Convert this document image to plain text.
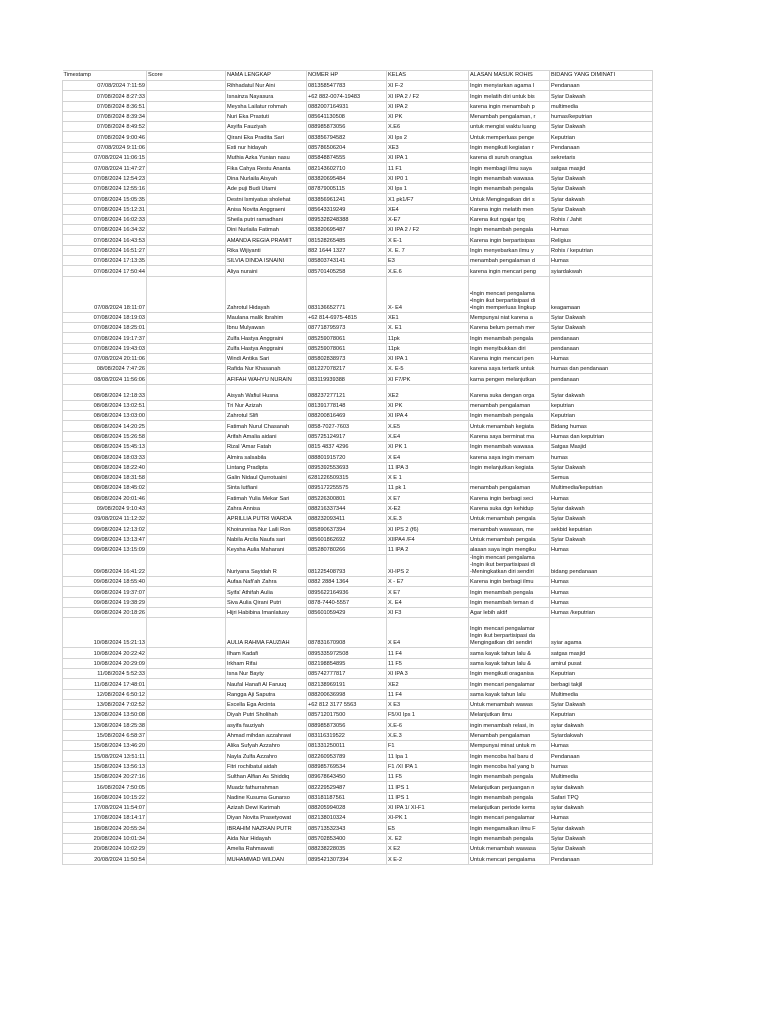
Timestamp	Score	NAMA LENGKAP	NOMER HP	KELAS	ALASAN MASUK ROHIS	BIDANG YANG DIMINATI
07/08/2024 7:11:59		Rihhadatul Nur Aini	081358547783	XI F-2	Ingin menyiarkan agama I	Pendanaan
07/08/2024 8:27:33		Isnainza Nayasura	+62 882-0074-19483	XI IPA 2 / F2	Ingin melatih diri untuk bis	Syiar Dakwah
07/08/2024 8:36:51		Meysha Lailatur rohmah	0882007164931	XI IPA 2	karena ingin menambah p	multimedia
07/08/2024 8:39:34		Nuri Eka Prastuti	085641130508	XI PK	Menambah pengalaman, r	humas/keputrian
07/08/2024 8:49:52		Asyifa Fauziyah	088985873056	X.E6	untuk mengisi waktu luang	Syiar Dakwah
07/08/2024 9:00:46		Qirani Eka Pradita Sari	083856794582	XI Ips 2	Untuk memperluas penge	Keputrian
07/08/2024 9:11:06		Esti nur hidayah	085786506204	XE3	Ingin mengikuti kegiatan r	Pendanaan
07/08/2024 11:06:15		Muthia Azka Yunian nasu	085848874555	XI IPA 1	karena di suruh orangtua	sekretaris
07/08/2024 11:47:27		Fika Cahya Restu Ananta	082143602710	11 F1	Ingin membagi ilmu saya	satgas masjid
07/08/2024 12:54:23		Dina Nurlaila Aisyah	083820695484	XI IP0 1	Ingin menambah wawasa	Syiar Dakwah
07/08/2024 12:55:16		Ade puji Budi Utami	087879005115	XI Ips 1	Ingin menambah pengala	Syiar Dakwah
07/08/2024 15:05:35		Destni lsmiyatus sholehat	083856961241	X1 pk1/F7	Untuk Mengingatkan diri s	Syiar dakwah
07/08/2024 15:12:31		Anisa Novita Anggraeni	085643319249	XE4	Karena ingin melatih men	Syiar Dakwah
07/08/2024 16:02:33		Sheila putri ramadhani	0895328248388	X-E7	Karena ikut ngajar tpq	Rohis / Jahit
07/08/2024 16:34:32		Dini Nurlaila Fatimah	083820695487	XI IPA 2 / F2	Ingin menambah pengala	Humas
07/08/2024 16:43:53		AMANDA REGIA PRAMIT	081528265485	X E-1	Karena ingin berpartisipas	Religius
07/08/2024 16:51:27		Rika Wijiyanti	882 1644 1327	X. E. 7	Ingin menyebarkan ilmu y	Rohis / keputrian
07/08/2024 17:13:35		SILVIA DINDA ISNAINI	085803743141	E3	menambah pengalaman d	Humas
07/08/2024 17:50:44		Aliya nuraini	085701405258	X.E.6	karena ingin mencari peng	syiardakwah
07/08/2024 18:11:07		Zahrotul Hidayah	083136652771	X- E4	•Ingin mencari pengalama
•Ingin ikut berpartisipasi di
•Ingin memperluas lingkup	keagamaan
07/08/2024 18:19:03		Maulana malik Ibrahim	+62 814-6975-4815	XE1	Mempunyai niat karena a	Syiar Dakwah
07/08/2024 18:25:01		Ibnu Mulyawan	087718795973	X. E1	Karena belum pernah mer	Syiar Dakwah
07/08/2024 19:17:37		Zulfa Hastya Anggraini	085259078061	11pk	Ingin menambah pengala	pendanaan
07/08/2024 19:43:03		Zulfa Hastya Anggraini	085259078061	11pk	Ingin menyibukkan diri	pendanaan
07/08/2024 20:11:06		Windi Antika Sari	085802838973	XI IPA 1	Karena ingin mencari pen	Humas
08/08/2024 7:47:26		Rafida Nur Khasanah	081227078217	X. E-5	karena saya tertarik untuk	humas dan pendanaan
08/08/2024 11:56:06		AFIFAH WAHYU NURAIN	083119939388	XI F7/PK	karna pengen melanjutkan	pendanaan
08/08/2024 12:18:33		Aisyah Wafiul Husna	088237277121	XE2	Karena suka dengan orga	Syiar dakwah
08/08/2024 13:02:51		Tri Nur Azizah	081391778148	XI PK	menambah pengalaman	keputrian
08/08/2024 13:03:00		Zahrotul Slifi	088200816469	XI IPA 4	Ingin menambah pengala	Keputrian
08/08/2024 14:20:25		Fatimah Nurul Chasanah	0858-7027-7603	X.E5	Untuk menambah kegiata	Bidang humas
08/08/2024 15:26:58		Arifah Amalia aidani	085725124917	X.E4	Karena saya berminat ma	Humas dan keputrian
08/08/2024 15:45:13		Rizal 'Amar Fatah	0815 4837 4296	XI PK 1	Ingin menambah wawasa	Satgas Masjid
08/08/2024 18:03:33		Almira salsabila	088801915720	X E4	karena saya ingin menam	humas
08/08/2024 18:22:40		Lintang Pradipta	0895392553693	11 IPA 3	Ingin melanjutkan kegiata	Syiar Dakwah
08/08/2024 18:31:58		Galin Nidaul Qurrotuaini	6281226509315	X E 1		Semua
08/08/2024 18:45:02		Sinta lutfiani	0895172255575	11 pk 1	menambah pengalaman	Multimedia/keputrian
08/08/2024 20:01:46		Fatimah Yulia Mekar Sari	085226300801	X E7	Karena ingin berbagi seci	Humas
09/08/2024 9:10:43		Zahra Annisa	088216337344	X-E2	Karena suka dgn kehidup	Syiar dakwah
09/08/2024 11:12:32		APRILLIA PUTRI WARDA	088232093411	X.E.3	Untuk menambah pengala	Syiar Dakwah
09/08/2024 12:13:02		Khoirunnisa Nur Laili Ron	085890637394	XI IPS 2 (f6)	menambah wawasan, me	sekbid keputrian
09/08/2024 13:13:47		Nabila Arcila Naufa sari	085601862692	XIIPA4 /F4	Untuk menambah pengala	Syiar Dakwah
09/08/2024 13:15:09		Keysha Aulia Maharani	085280780266	11 IPA 2	alasan saya ingin mengiku	Humas
09/08/2024 16:41:22		Nuriyana Sayidah R	081225408793	XI-IPS 2	-Ingin mencari pengalama
-Ingin ikut berpartisipasi di
-Meningkatkan diri sendiri	bidang pendanaan
09/08/2024 18:55:40		Aufaa Nafi'ah Zahra	0882 2884 1364	X - E7	Karena ingin berbagi ilmu	Humas
09/08/2024 19:37:07		Syifa' Athifah Aulia	0895622164936	X E7	Ingin menambah pengala	Humas
09/08/2024 19:38:29		Siva Aulia Qirani Putri	0878-7440-5557	X. E4	Ingin menambah teman d	Humas
09/08/2024 20:18:26		Hijri Habibina Imanlatusy	085601059429	XI F3	Agar lebih aktif	Humas /keputrian
10/08/2024 15:21:13		AULIA RAHMA FAUZIAH	087831670908	X E4	Ingin mencari pengalamar
Ingin ikut berpartisipasi da
Mengingatkan diri sendiri	syiar agama
10/08/2024 20:22:42		Ilham Kadafi	0895335972508	11 F4	sama kayak tahun lalu &	satgas masjid
10/08/2024 20:29:09		Irkham Rifai	082198854895	11 F5	sama kayak tahun lalu &	amirul pusat
11/08/2024 5:52:33		Isna Nur Bayty	085742777817	XI IPA 3	Ingin mengikuti oraganisa	Keputrian
11/08/2024 17:48:01		Naufal Hanafi Al Faruuq	082138969191	XE2	Ingin mencari pengalamar	berbagi takjil
12/08/2024 6:50:12		Rangga Aji Saputra	088200636998	11 F4	sama kayak tahun lalu	Multimedia
13/08/2024 7:02:52		Excella Ega Arcinta	+62 812 3177 5563	X E3	Untuk menambah wawas	Syiar Dakwah
13/08/2024 13:50:08		Diyah Putri Sholihah	085712017500	F5/XI Ips 1	Melanjutkan ilmu	Keputrian
13/08/2024 18:25:38		asyifa fauziyah	088985873056	X.E-6	ingin menambah relasi, in	syiar dakwah
15/08/2024 6:58:37		Ahmad mihdan azzahrawi	083116319522	X.E.3	Menambah pengalaman	Syiardakwah
15/08/2024 13:46:20		Alika Sufyah Azzahro	081331250011	F1	Mempunyai minat untuk m	Humas
15/08/2024 13:51:11		Nayla Zulfa Azzahro	082260953789	11 Ipa 1	Ingin mencoba hal baru d	Pendanaan
15/08/2024 13:56:13		Fitri rochibatul aidah	088985769534	F1 /XI IPA 1	Ingin mencoba hal yang b	humas
15/08/2024 20:27:16		Sulthan Alfian As Shiddiq	089678643450	11 F5	Ingin menambah pengala	Multimedia
16/08/2024 7:50:05		Muadz fathurrahman	082229529487	11 IPS 1	Melanjutkan perjuangan n	syiar dakwah
16/08/2024 10:15:22		Nadine Kusuma Gunarso	083181187561	11 IPS 1	Ingin menambah pengala	Safari TPQ
17/08/2024 11:54:07		Azizah Dewi Karimah	088205994028	XI IPA 1/ XI-F1	melanjutkan periode kems	syiar dakwah
17/08/2024 18:14:17		Diyan Novita Prasetyowat	082138010324	XI-PK 1	Ingin mencari pengalamar	Humas
18/08/2024 20:55:34		IBRAHIM NAZRAN PUTR	085713532343	E5	Ingin mengamalkan ilmu F	Syiar dakwah
20/08/2024 10:01:34		Aida Nur Hidayah	085702853400	X. E2	Ingin menambah pengala	Syiar Dakwah
20/08/2024 10:02:29		Amelia Rahmawati	088238228035	X E2	Untuk menambah wawasa	Syiar Dakwah
20/08/2024 11:50:54		MUHAMMAD WILDAN	0895421307394	X E-2	Untuk mencari pengalama	Pendanaan
